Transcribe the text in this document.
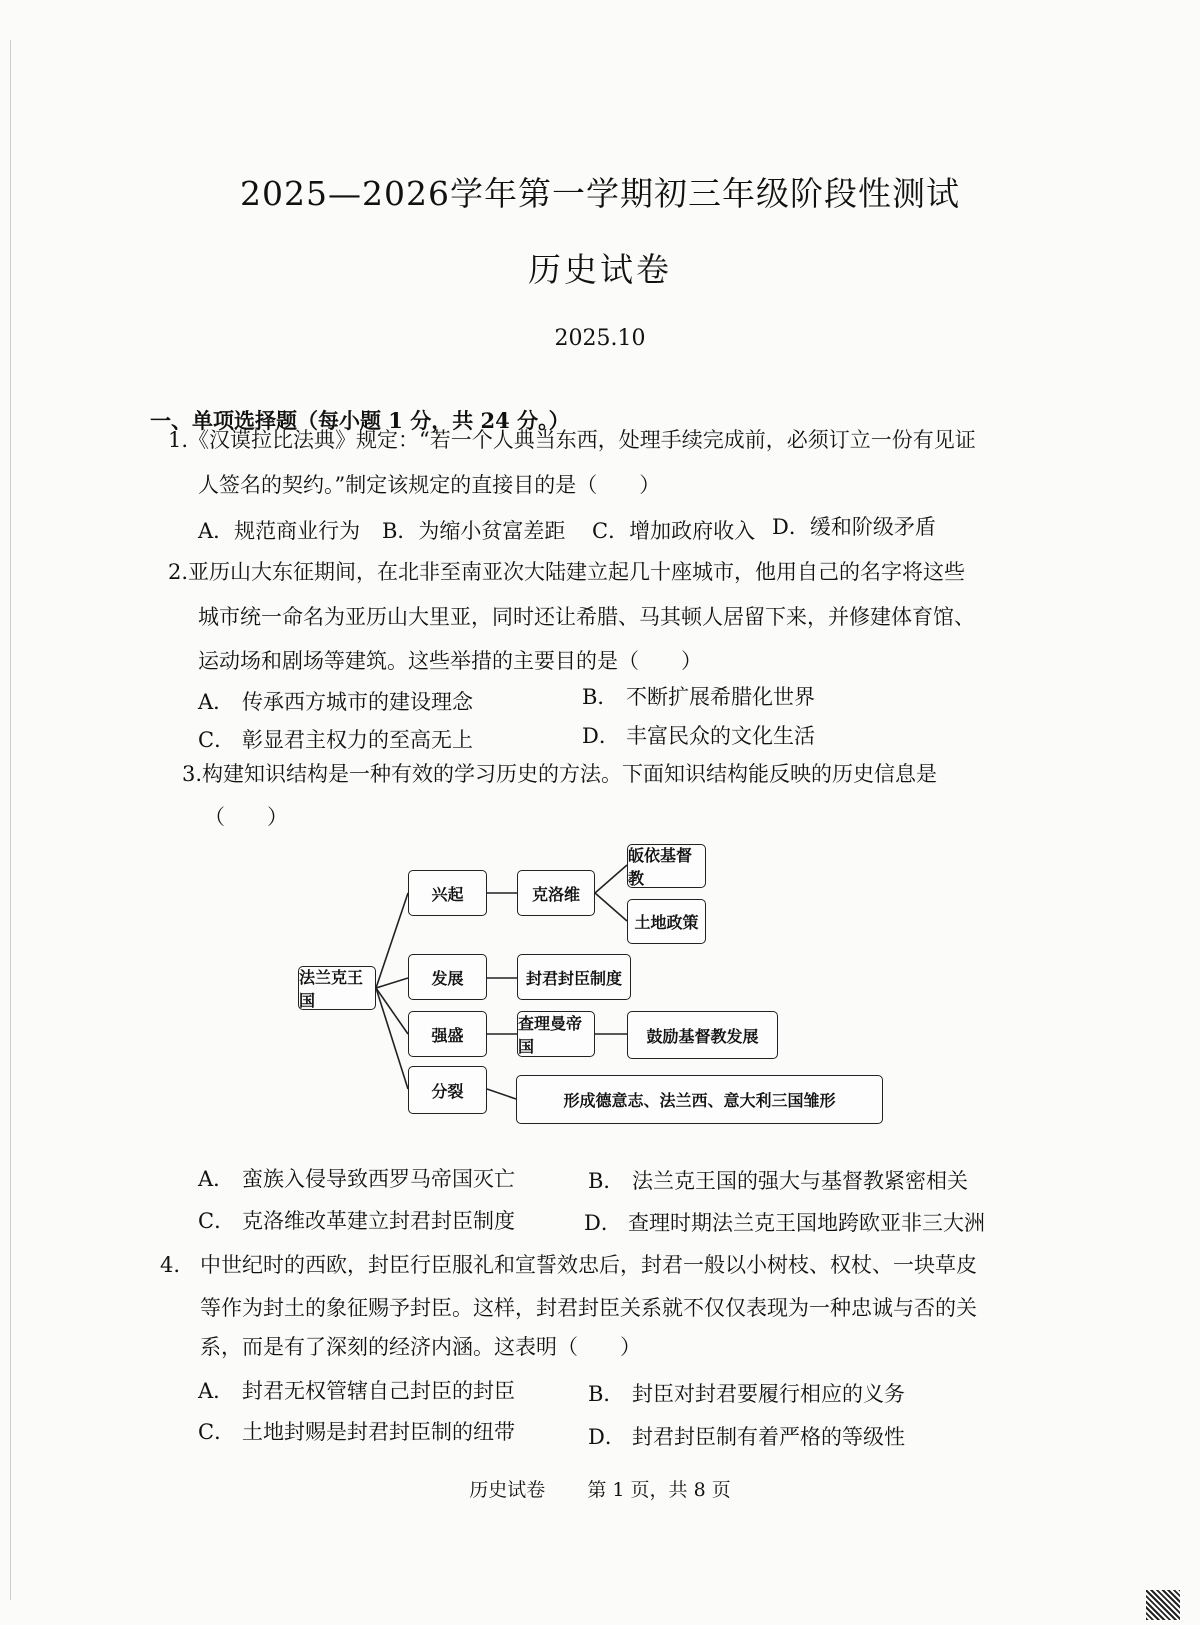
2025—2026学年第一学期初三年级阶段性测试
历史试卷
2025.10
一、单项选择题（每小题 1 分，共 24 分。）
1.《汉谟拉比法典》规定：“若一个人典当东西，处理手续完成前，必须订立一份有见证
人签名的契约。”制定该规定的直接目的是（　　）
A．规范商业行为 B．为缩小贫富差距 C．增加政府收入 D．缓和阶级矛盾
2.亚历山大东征期间，在北非至南亚次大陆建立起几十座城市，他用自己的名字将这些
城市统一命名为亚历山大里亚，同时还让希腊、马其顿人居留下来，并修建体育馆、
运动场和剧场等建筑。这些举措的主要目的是（　　）
A． 传承西方城市的建设理念	B． 不断扩展希腊化世界
C． 彰显君主权力的至高无上	D． 丰富民众的文化生活
3.构建知识结构是一种有效的学习历史的方法。下面知识结构能反映的历史信息是
（　　）
法兰克王国
兴起	克洛维
皈依基督教
土地政策
发展	封君封臣制度
强盛
查理曼帝国
鼓励基督教发展
分裂	形成德意志、法兰西、意大利三国雏形
A． 蛮族入侵导致西罗马帝国灭亡	B． 法兰克王国的强大与基督教紧密相关
C． 克洛维改革建立封君封臣制度	D． 查理时期法兰克王国地跨欧亚非三大洲
4. 中世纪时的西欧，封臣行臣服礼和宣誓效忠后，封君一般以小树枝、权杖、一块草皮
等作为封土的象征赐予封臣。这样，封君封臣关系就不仅仅表现为一种忠诚与否的关
系，而是有了深刻的经济内涵。这表明（　　）
A． 封君无权管辖自己封臣的封臣	B． 封臣对封君要履行相应的义务
C． 土地封赐是封君封臣制的纽带	D． 封君封臣制有着严格的等级性
历史试卷 第 1 页，共 8 页
